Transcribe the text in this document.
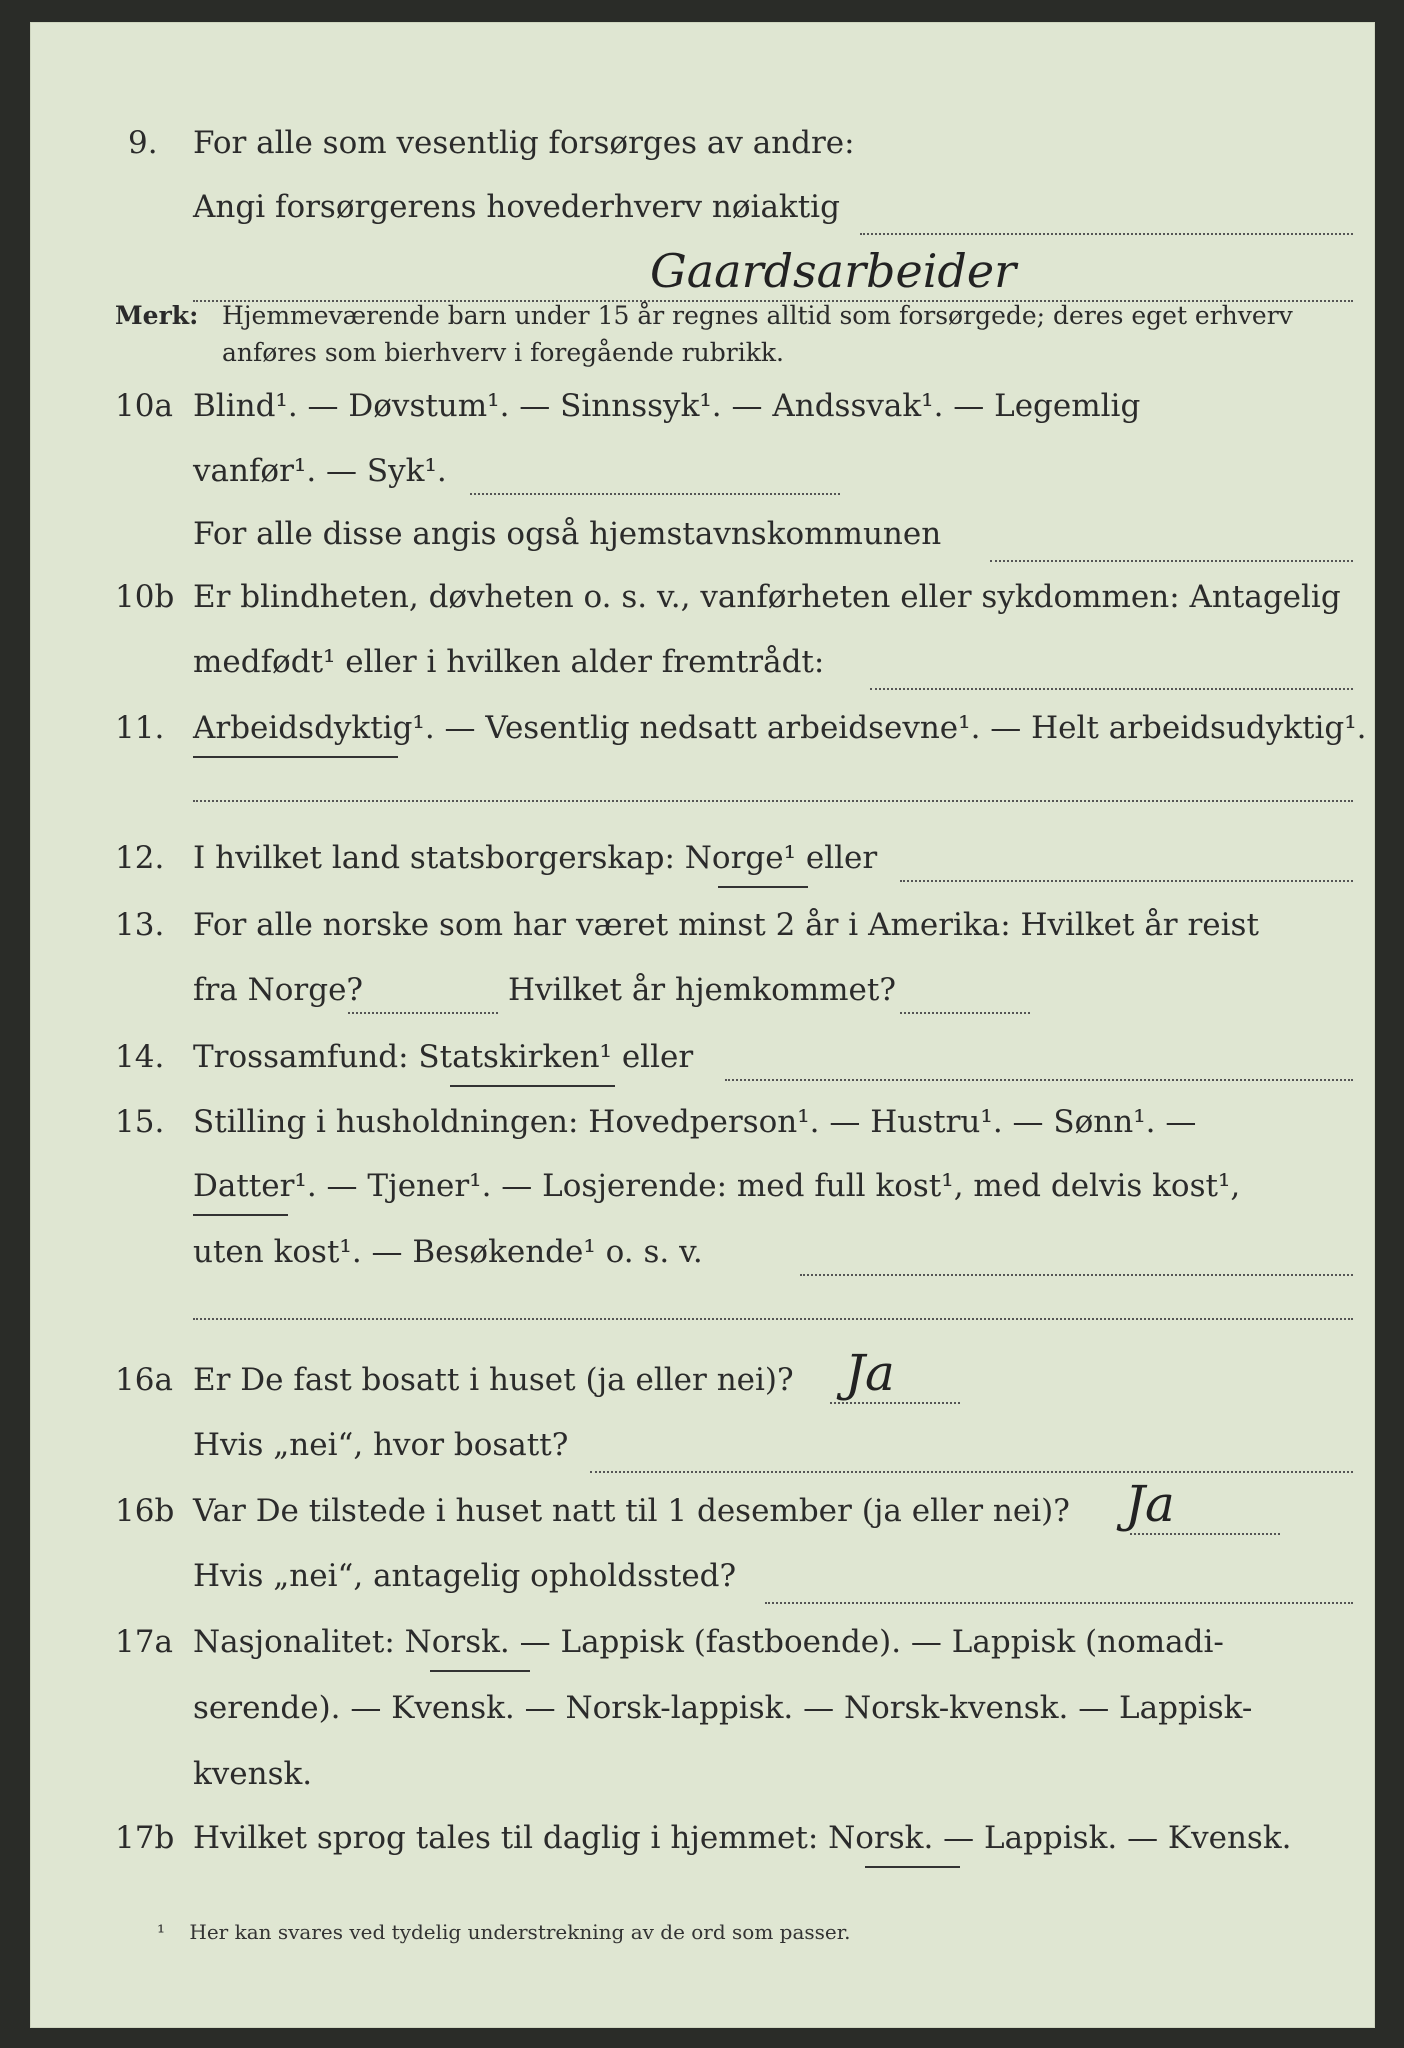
9. For alle som vesentlig forsørges av andre:
Angi forsørgerens hovederhverv nøiaktig
Gaardsarbeider
Merk: Hjemmeværende barn under 15 år regnes alltid som forsørgede; deres eget erhverv
anføres som bierhverv i foregående rubrikk.
10a Blind¹. — Døvstum¹. — Sinnssyk¹. — Andssvak¹. — Legemlig
vanfør¹. — Syk¹.
For alle disse angis også hjemstavnskommunen
10b Er blindheten, døvheten o. s. v., vanførheten eller sykdommen: Antagelig
medfødt¹ eller i hvilken alder fremtrådt:
11. Arbeidsdyktig¹. — Vesentlig nedsatt arbeidsevne¹. — Helt arbeidsudyktig¹.
12. I hvilket land statsborgerskap: Norge¹ eller
13. For alle norske som har været minst 2 år i Amerika: Hvilket år reist
fra Norge?	Hvilket år hjemkommet?
14. Trossamfund: Statskirken¹ eller
15. Stilling i husholdningen: Hovedperson¹. — Hustru¹. — Sønn¹. —
Datter¹. — Tjener¹. — Losjerende: med full kost¹, med delvis kost¹,
uten kost¹. — Besøkende¹ o. s. v.
16a Er De fast bosatt i huset (ja eller nei)? Ja
Hvis „nei“, hvor bosatt?
16b Var De tilstede i huset natt til 1 desember (ja eller nei)? Ja
Hvis „nei“, antagelig opholdssted?
17a Nasjonalitet: Norsk. — Lappisk (fastboende). — Lappisk (nomadi-
serende). — Kvensk. — Norsk-lappisk. — Norsk-kvensk. — Lappisk-
kvensk.
17b Hvilket sprog tales til daglig i hjemmet: Norsk. — Lappisk. — Kvensk.
¹ Her kan svares ved tydelig understrekning av de ord som passer.
